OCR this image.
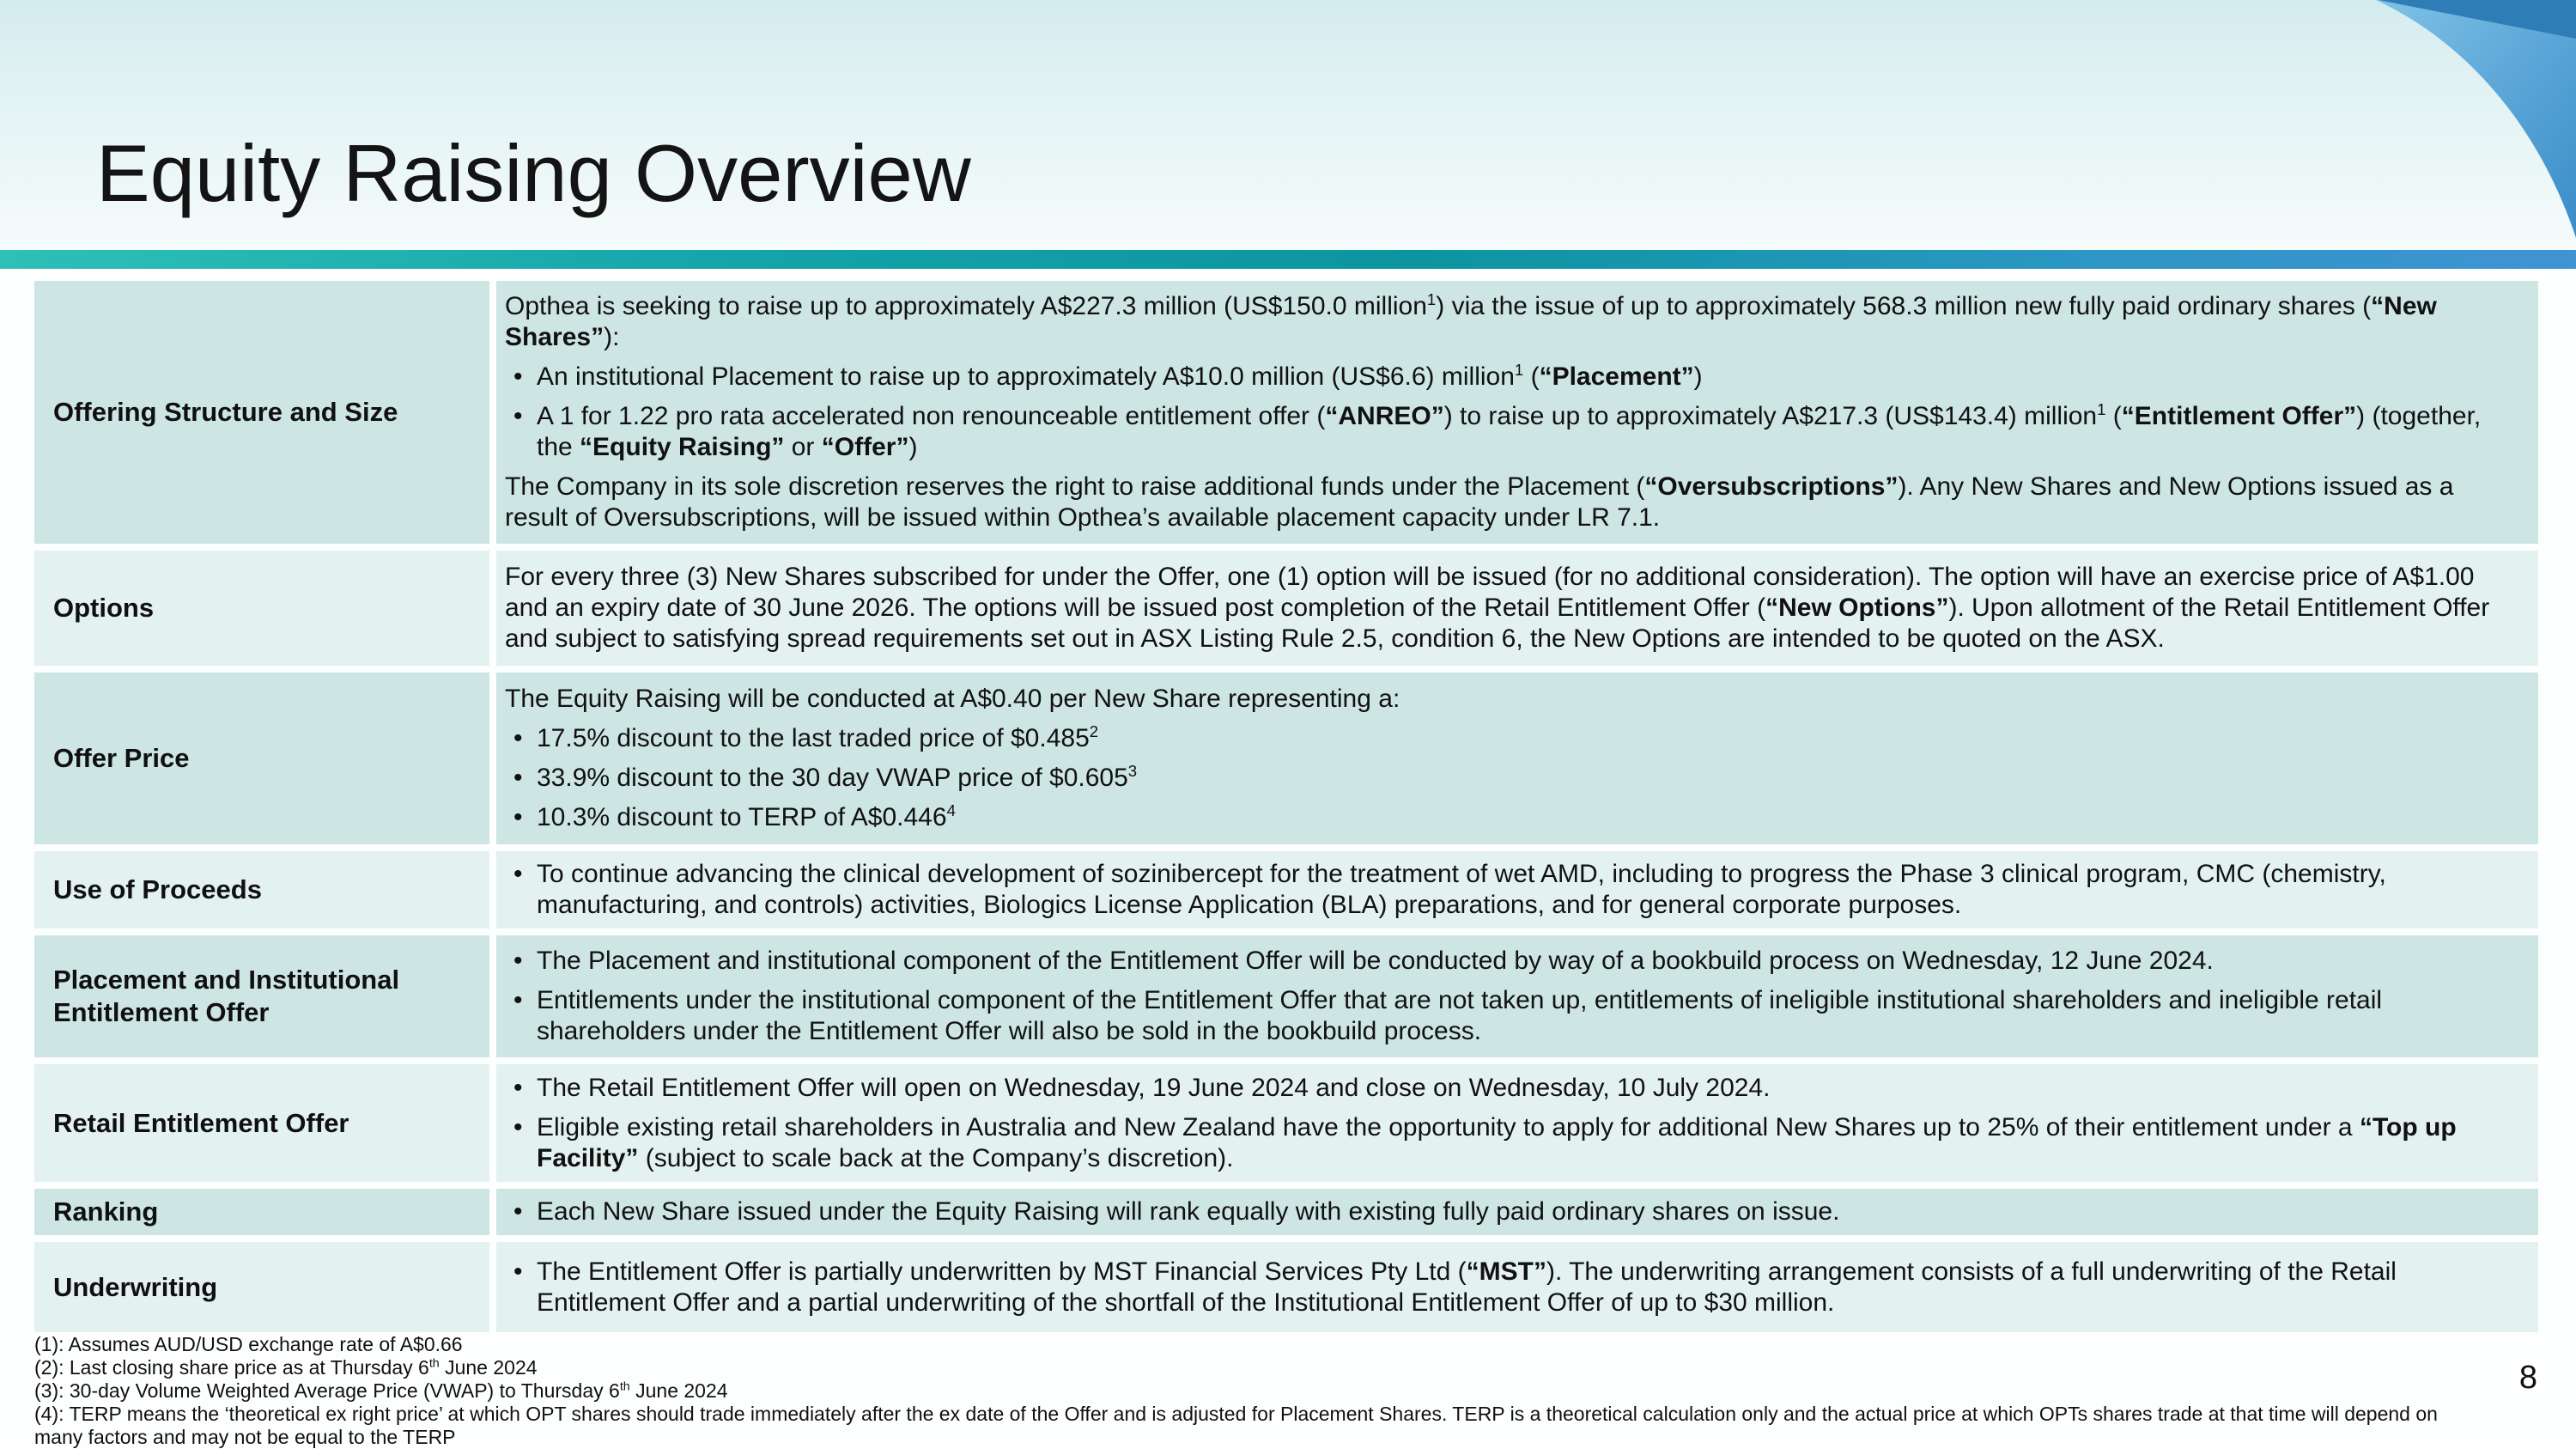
Equity Raising Overview
Offering Structure and Size
Opthea is seeking to raise up to approximately A$227.3 million (US$150.0 million$^1$) via the issue of up to approximately 568.3 million new fully paid ordinary shares (“New Shares”):
• An institutional Placement to raise up to approximately A$10.0 million (US$6.6) million$^1$ (“Placement”)
• A 1 for 1.22 pro rata accelerated non renounceable entitlement offer (“ANREO”) to raise up to approximately A$217.3 (US$143.4) million$^1$ (“Entitlement Offer”) (together, the “Equity Raising” or “Offer”)
The Company in its sole discretion reserves the right to raise additional funds under the Placement (“Oversubscriptions”). Any New Shares and New Options issued as a result of Oversubscriptions, will be issued within Opthea’s available placement capacity under LR 7.1.
Options
For every three (3) New Shares subscribed for under the Offer, one (1) option will be issued (for no additional consideration). The option will have an exercise price of A$1.00 and an expiry date of 30 June 2026. The options will be issued post completion of the Retail Entitlement Offer (“New Options”). Upon allotment of the Retail Entitlement Offer and subject to satisfying spread requirements set out in ASX Listing Rule 2.5, condition 6, the New Options are intended to be quoted on the ASX.
Offer Price
The Equity Raising will be conducted at A$0.40 per New Share representing a:
• 17.5% discount to the last traded price of $0.485$^2$
• 33.9% discount to the 30 day VWAP price of $0.605$^3$
• 10.3% discount to TERP of A$0.446$^4$
Use of Proceeds
• To continue advancing the clinical development of sozinibercept for the treatment of wet AMD, including to progress the Phase 3 clinical program, CMC (chemistry, manufacturing, and controls) activities, Biologics License Application (BLA) preparations, and for general corporate purposes.
Placement and Institutional Entitlement Offer
• The Placement and institutional component of the Entitlement Offer will be conducted by way of a bookbuild process on Wednesday, 12 June 2024.
• Entitlements under the institutional component of the Entitlement Offer that are not taken up, entitlements of ineligible institutional shareholders and ineligible retail shareholders under the Entitlement Offer will also be sold in the bookbuild process.
Retail Entitlement Offer
• The Retail Entitlement Offer will open on Wednesday, 19 June 2024 and close on Wednesday, 10 July 2024.
• Eligible existing retail shareholders in Australia and New Zealand have the opportunity to apply for additional New Shares up to 25% of their entitlement under a “Top up Facility” (subject to scale back at the Company’s discretion).
Ranking	• Each New Share issued under the Equity Raising will rank equally with existing fully paid ordinary shares on issue.
Underwriting
• The Entitlement Offer is partially underwritten by MST Financial Services Pty Ltd (“MST”). The underwriting arrangement consists of a full underwriting of the Retail Entitlement Offer and a partial underwriting of the shortfall of the Institutional Entitlement Offer of up to $30 million.
(1): Assumes AUD/USD exchange rate of A$0.66
(2): Last closing share price as at Thursday 6th June 2024
(3): 30-day Volume Weighted Average Price (VWAP) to Thursday 6th June 2024
(4): TERP means the ‘theoretical ex right price’ at which OPT shares should trade immediately after the ex date of the Offer and is adjusted for Placement Shares. TERP is a theoretical calculation only and the actual price at which OPTs shares trade at that time will depend on many factors and may not be equal to the TERP
8
